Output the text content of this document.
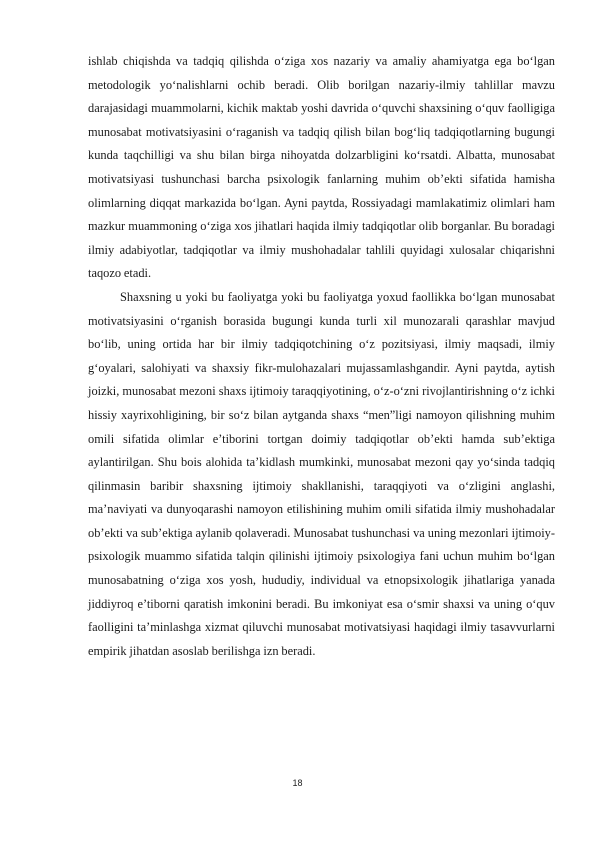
ishlab chiqishda va tadqiq qilishda o‘ziga xos nazariy va amaliy ahamiyatga ega bo‘lgan metodologik yo‘nalishlarni ochib beradi. Olib borilgan nazariy-ilmiy tahlillar mavzu darajasidagi muammolarni, kichik maktab yoshi davrida o‘quvchi shaxsining o‘quv faolligiga munosabat motivatsiyasini o‘raganish va tadqiq qilish bilan bog‘liq tadqiqotlarning bugungi kunda taqchilligi va shu bilan birga nihoyatda dolzarbligini ko‘rsatdi. Albatta, munosabat motivatsiyasi tushunchasi barcha psixologik fanlarning muhim ob’ekti sifatida hamisha olimlarning diqqat markazida bo‘lgan. Ayni paytda, Rossiyadagi mamlakatimiz olimlari ham mazkur muammoning o‘ziga xos jihatlari haqida ilmiy tadqiqotlar olib borganlar. Bu boradagi ilmiy adabiyotlar, tadqiqotlar va ilmiy mushohadalar tahlili quyidagi xulosalar chiqarishni taqozo etadi.

Shaxsning u yoki bu faoliyatga yoki bu faoliyatga yoxud faollikka bo‘lgan munosabat motivatsiyasini o‘rganish borasida bugungi kunda turli xil munozarali qarashlar mavjud bo‘lib, uning ortida har bir ilmiy tadqiqotchining o‘z pozitsiyasi, ilmiy maqsadi, ilmiy g‘oyalari, salohiyati va shaxsiy fikr-mulohazalari mujassamlashgandir. Ayni paytda, aytish joizki, munosabat mezoni shaxs ijtimoiy taraqqiyotining, o‘z-o‘zni rivojlantirishning o‘z ichki hissiy xayrixohligining, bir so‘z bilan aytganda shaxs “men”ligi namoyon qilishning muhim omili sifatida olimlar e’tiborini tortgan doimiy tadqiqotlar ob’ekti hamda sub’ektiga aylantirilgan. Shu bois alohida ta’kidlash mumkinki, munosabat mezoni qay yo‘sinda tadqiq qilinmasin baribir shaxsning ijtimoiy shakllanishi, taraqqiyoti va o‘zligini anglashi, ma’naviyati va dunyoqarashi namoyon etilishining muhim omili sifatida ilmiy mushohadalar ob’ekti va sub’ektiga aylanib qolaveradi. Munosabat tushunchasi va uning mezonlari ijtimoiy-psixologik muammo sifatida talqin qilinishi ijtimoiy psixologiya fani uchun muhim bo‘lgan munosabatning o‘ziga xos yosh, hududiy, individual va etnopsixologik jihatlariga yanada jiddiyroq e’tiborni qaratish imkonini beradi. Bu imkoniyat esa o‘smir shaxsi va uning o‘quv faolligini ta’minlashga xizmat qiluvchi munosabat motivatsiyasi haqidagi ilmiy tasavvurlarni empirik jihatdan asoslab berilishga izn beradi.

18
